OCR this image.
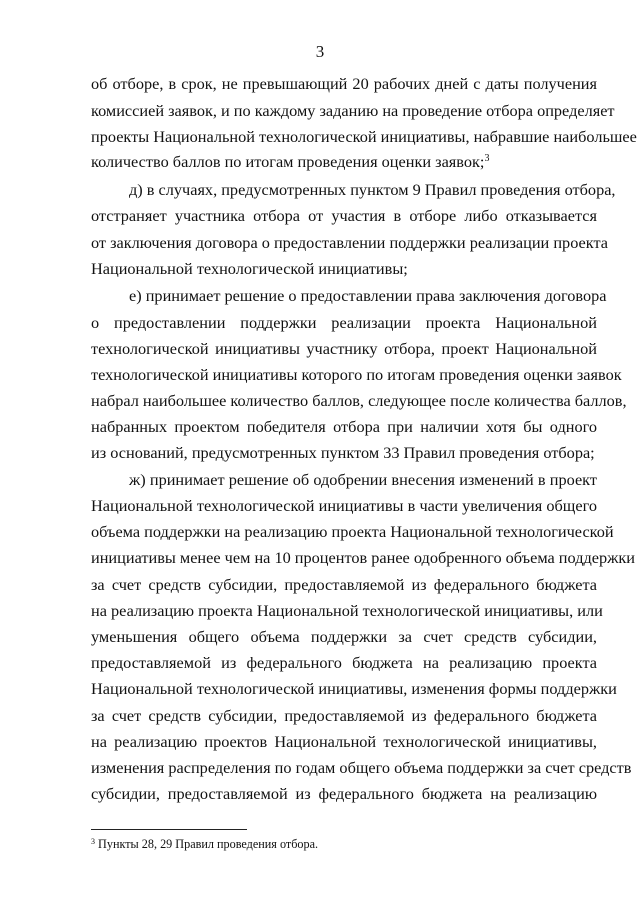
3
об отборе, в срок, не превышающий 20 рабочих дней с даты получения
комиссией заявок, и по каждому заданию на проведение отбора определяет
проекты Национальной технологической инициативы, набравшие наибольшее
количество баллов по итогам проведения оценки заявок;$^3$
д) в случаях, предусмотренных пунктом 9 Правил проведения отбора,
отстраняет участника отбора от участия в отборе либо отказывается
от заключения договора о предоставлении поддержки реализации проекта
Национальной технологической инициативы;
е) принимает решение о предоставлении права заключения договора
о предоставлении поддержки реализации проекта Национальной
технологической инициативы участнику отбора, проект Национальной
технологической инициативы которого по итогам проведения оценки заявок
набрал наибольшее количество баллов, следующее после количества баллов,
набранных проектом победителя отбора при наличии хотя бы одного
из оснований, предусмотренных пунктом 33 Правил проведения отбора;
ж) принимает решение об одобрении внесения изменений в проект
Национальной технологической инициативы в части увеличения общего
объема поддержки на реализацию проекта Национальной технологической
инициативы менее чем на 10 процентов ранее одобренного объема поддержки
за счет средств субсидии, предоставляемой из федерального бюджета
на реализацию проекта Национальной технологической инициативы, или
уменьшения общего объема поддержки за счет средств субсидии,
предоставляемой из федерального бюджета на реализацию проекта
Национальной технологической инициативы, изменения формы поддержки
за счет средств субсидии, предоставляемой из федерального бюджета
на реализацию проектов Национальной технологической инициативы,
изменения распределения по годам общего объема поддержки за счет средств
субсидии, предоставляемой из федерального бюджета на реализацию
$^3$ Пункты 28, 29 Правил проведения отбора.
